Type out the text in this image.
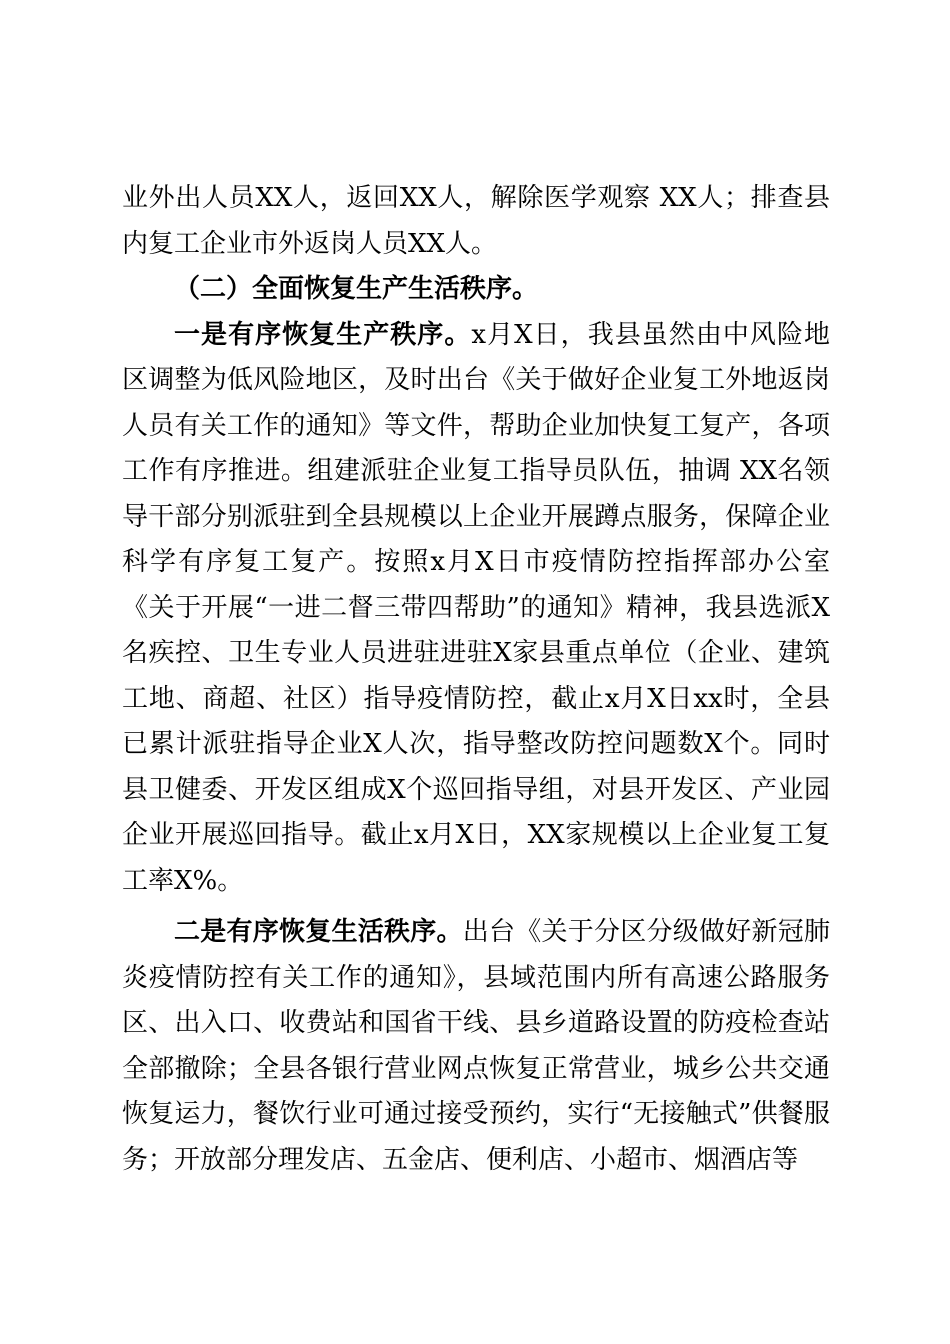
业外出人员XX人，返回XX人，解除医学观察 XX人；排查县内复工企业市外返岗人员XX人。

（二）全面恢复生产生活秩序。

一是有序恢复生产秩序。x月X日，我县虽然由中风险地区调整为低风险地区，及时出台《关于做好企业复工外地返岗人员有关工作的通知》等文件，帮助企业加快复工复产，各项工作有序推进。组建派驻企业复工指导员队伍，抽调 XX名领导干部分别派驻到全县规模以上企业开展蹲点服务，保障企业科学有序复工复产。按照x月X日市疫情防控指挥部办公室《关于开展“一进二督三带四帮助”的通知》精神，我县选派X名疾控、卫生专业人员进驻进驻X家县重点单位（企业、建筑工地、商超、社区）指导疫情防控，截止x月X日xx时，全县已累计派驻指导企业X人次，指导整改防控问题数X个。同时县卫健委、开发区组成X个巡回指导组，对县开发区、产业园企业开展巡回指导。截止x月X日，XX家规模以上企业复工复工率X%。

二是有序恢复生活秩序。出台《关于分区分级做好新冠肺炎疫情防控有关工作的通知》，县域范围内所有高速公路服务区、出入口、收费站和国省干线、县乡道路设置的防疫检查站全部撤除；全县各银行营业网点恢复正常营业，城乡公共交通恢复运力，餐饮行业可通过接受预约，实行“无接触式”供餐服务；开放部分理发店、五金店、便利店、小超市、烟酒店等
